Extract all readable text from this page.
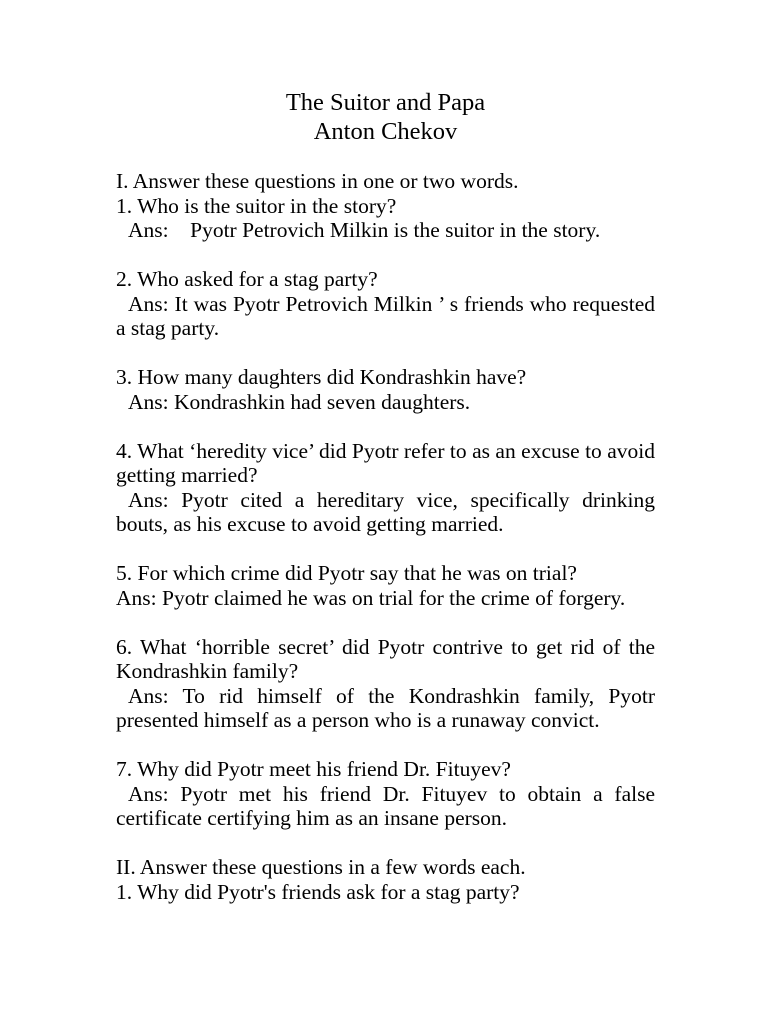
The Suitor and Papa
Anton Chekov
I. Answer these questions in one or two words.
1. Who is the suitor in the story?
Ans:    Pyotr Petrovich Milkin is the suitor in the story.
2. Who asked for a stag party?
Ans: It was Pyotr Petrovich Milkin ’ s friends who requested a stag party.
3. How many daughters did Kondrashkin have?
Ans: Kondrashkin had seven daughters.
4. What ‘heredity vice’ did Pyotr refer to as an excuse to avoid getting married?
Ans: Pyotr cited a hereditary vice, specifically drinking bouts, as his excuse to avoid getting married.
5. For which crime did Pyotr say that he was on trial?
Ans: Pyotr claimed he was on trial for the crime of forgery.
6. What ‘horrible secret’ did Pyotr contrive to get rid of the Kondrashkin family?
Ans: To rid himself of the Kondrashkin family, Pyotr presented himself as a person who is a runaway convict.
7. Why did Pyotr meet his friend Dr. Fituyev?
Ans: Pyotr met his friend Dr. Fituyev to obtain a false certificate certifying him as an insane person.
II. Answer these questions in a few words each.
1. Why did Pyotr's friends ask for a stag party?
